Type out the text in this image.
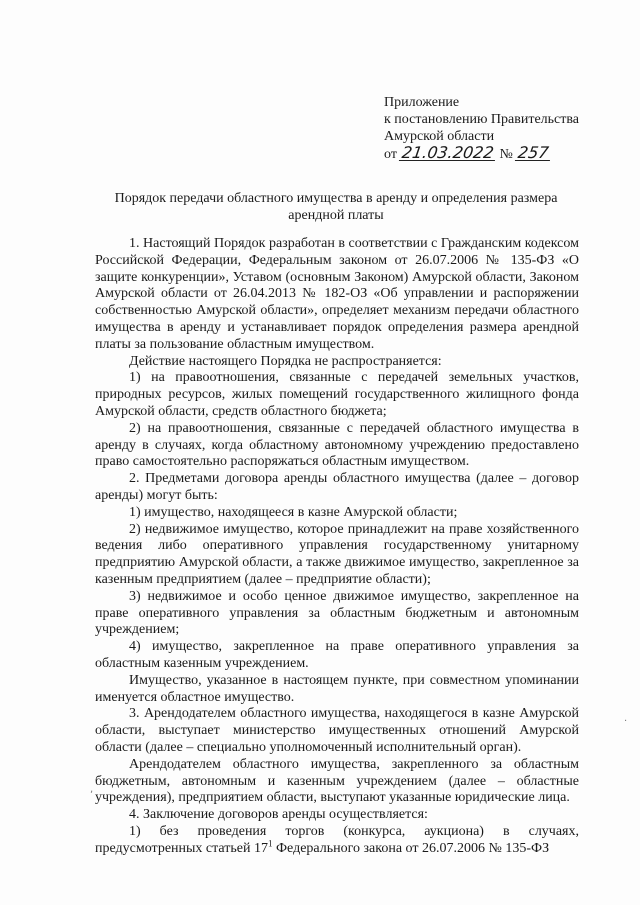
Приложение
к постановлению Правительства
Амурской области
от 21.03.2022 № 257
Порядок передачи областного имущества в аренду и определения размера
арендной платы

1. Настоящий Порядок разработан в соответствии с Гражданским кодексом Российской Федерации, Федеральным законом от 26.07.2006 № 135-ФЗ «О защите конкуренции», Уставом (основным Законом) Амурской области, Законом Амурской области от 26.04.2013 № 182-ОЗ «Об управлении и распоряжении собственностью Амурской области», определяет механизм передачи областного имущества в аренду и устанавливает порядок определения размера арендной платы за пользование областным имуществом.

Действие настоящего Порядка не распространяется:

1) на правоотношения, связанные с передачей земельных участков, природных ресурсов, жилых помещений государственного жилищного фонда Амурской области, средств областного бюджета;

2) на правоотношения, связанные с передачей областного имущества в аренду в случаях, когда областному автономному учреждению предоставлено право самостоятельно распоряжаться областным имуществом.

2. Предметами договора аренды областного имущества (далее – договор аренды) могут быть:

1) имущество, находящееся в казне Амурской области;

2) недвижимое имущество, которое принадлежит на праве хозяйственного ведения либо оперативного управления государственному унитарному предприятию Амурской области, а также движимое имущество, закрепленное за казенным предприятием (далее – предприятие области);

3) недвижимое и особо ценное движимое имущество, закрепленное на праве оперативного управления за областным бюджетным и автономным учреждением;

4) имущество, закрепленное на праве оперативного управления за областным казенным учреждением.

Имущество, указанное в настоящем пункте, при совместном упоминании именуется областное имущество.

3. Арендодателем областного имущества, находящегося в казне Амурской области, выступает министерство имущественных отношений Амурской области (далее – специально уполномоченный исполнительный орган).

Арендодателем областного имущества, закрепленного за областным бюджетным, автономным и казенным учреждением (далее – областные учреждения), предприятием области, выступают указанные юридические лица.

4. Заключение договоров аренды осуществляется:

1) без проведения торгов (конкурса, аукциона) в случаях, предусмотренных статьей $17^1$ Федерального закона от 26.07.2006 № 135-ФЗ

,
·
